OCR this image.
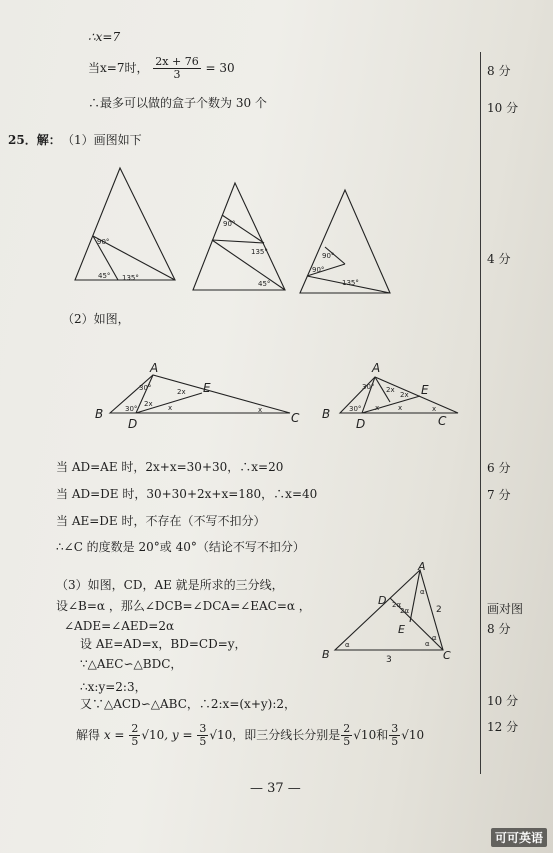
∴x=7
当x=7时， $\frac{2x + 76}{3} = 30$
∴最多可以做的盒子个数为 30 个
8 分
10 分
25．解： （1）画图如下
90°
45° 135°
90°
135°
45°
90°
90°
135°
4 分
（2）如图，
A
B	C
D
E
A
B	C
D
E
30°
30°
2x
2x
x	x
30°
30°
2x
2x
x	x	x
当 AD=AE 时，2x+x=30+30，∴x=20
当 AD=DE 时，30+30+2x+x=180，∴x=40
当 AE=DE 时，不存在（不写不扣分）
∴∠C 的度数是 20°或 40°（结论不写不扣分）
6 分
7 分
（3）如图，CD，AE 就是所求的三分线，
设∠B=α ，那么∠DCB=∠DCA=∠EAC=α ，
∠ADE=∠AED=2α
设 AE=AD=x，BD=CD=y，
∵△AEC∽△BDC，
∴x:y=2:3，
又∵△ACD∽△ABC，∴2:x=(x+y):2，
解得 $x = \frac{2}{5} √10$, $y = \frac{3}{5} √10$，即三分线长分别是 $\frac{2}{5} √10$和 $\frac{3}{5} √10$
A
B	C
D
E
α
α	α
α
2α
2α	2
3
画对图
8 分
10 分
12 分
— 37 —
可可英语
